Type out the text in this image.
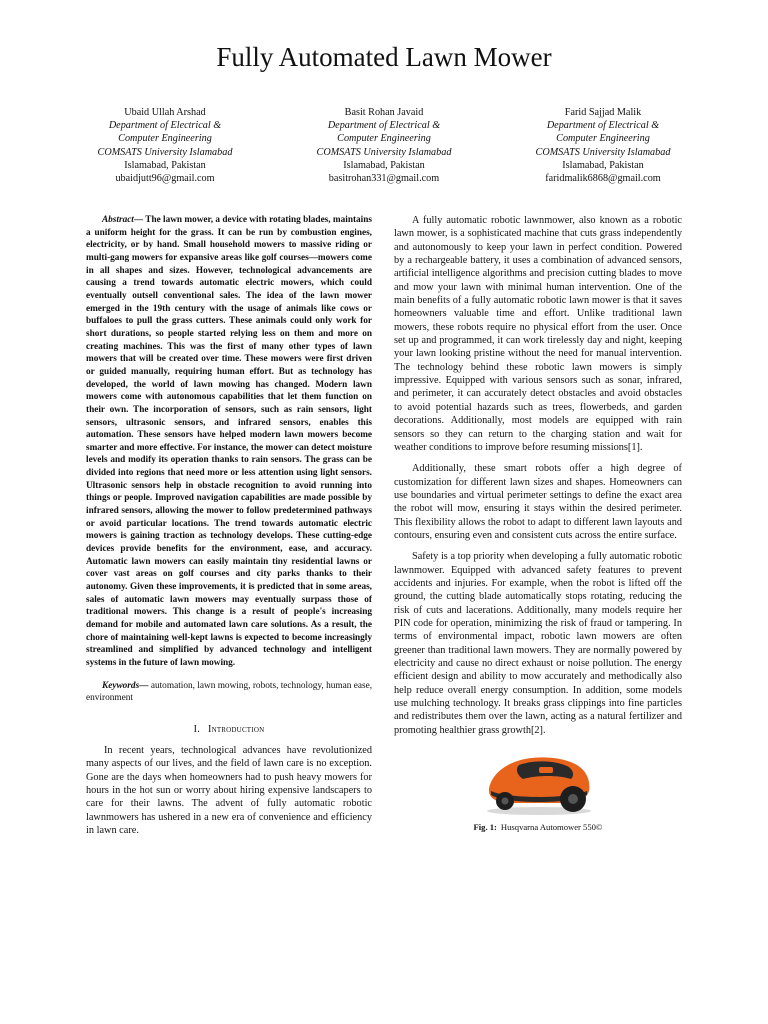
Fully Automated Lawn Mower
Ubaid Ullah Arshad
Department of Electrical &
Computer Engineering
COMSATS University Islamabad
Islamabad, Pakistan
ubaidjutt96@gmail.com
Basit Rohan Javaid
Department of Electrical &
Computer Engineering
COMSATS University Islamabad
Islamabad, Pakistan
basitrohan331@gmail.com
Farid Sajjad Malik
Department of Electrical &
Computer Engineering
COMSATS University Islamabad
Islamabad, Pakistan
faridmalik6868@gmail.com

Abstract— The lawn mower, a device with rotating blades, maintains a uniform height for the grass. It can be run by combustion engines, electricity, or by hand. Small household mowers to massive riding or multi-gang mowers for expansive areas like golf courses—mowers come in all shapes and sizes. However, technological advancements are causing a trend towards automatic electric mowers, which could eventually outsell conventional sales. The idea of the lawn mower emerged in the 19th century with the usage of animals like cows or buffaloes to pull the grass cutters. These animals could only work for short durations, so people started relying less on them and more on creating machines. This was the first of many other types of lawn mowers that will be created over time. These mowers were first driven or guided manually, requiring human effort. But as technology has developed, the world of lawn mowing has changed. Modern lawn mowers come with autonomous capabilities that let them function on their own. The incorporation of sensors, such as rain sensors, light sensors, ultrasonic sensors, and infrared sensors, enables this automation. These sensors have helped modern lawn mowers become smarter and more effective. For instance, the mower can detect moisture levels and modify its operation thanks to rain sensors. The grass can be divided into regions that need more or less attention using light sensors. Ultrasonic sensors help in obstacle recognition to avoid running into things or people. Improved navigation capabilities are made possible by infrared sensors, allowing the mower to follow predetermined pathways or avoid particular locations. The trend towards automatic electric mowers is gaining traction as technology develops. These cutting-edge devices provide benefits for the environment, ease, and accuracy. Automatic lawn mowers can easily maintain tiny residential lawns or cover vast areas on golf courses and city parks thanks to their autonomy. Given these improvements, it is predicted that in some areas, sales of automatic lawn mowers may eventually surpass those of traditional mowers. This change is a result of people's increasing demand for mobile and automated lawn care solutions. As a result, the chore of maintaining well-kept lawns is expected to become increasingly streamlined and simplified by advanced technology and intelligent systems in the future of lawn mowing.

Keywords— automation, lawn mowing, robots, technology, human ease, environment

I. Introduction

In recent years, technological advances have revolutionized many aspects of our lives, and the field of lawn care is no exception. Gone are the days when homeowners had to push heavy mowers for hours in the hot sun or worry about hiring expensive landscapers to care for their lawns. The advent of fully automatic robotic lawnmowers has ushered in a new era of convenience and efficiency in lawn care.

A fully automatic robotic lawnmower, also known as a robotic lawn mower, is a sophisticated machine that cuts grass independently and autonomously to keep your lawn in perfect condition. Powered by a rechargeable battery, it uses a combination of advanced sensors, artificial intelligence algorithms and precision cutting blades to move and mow your lawn with minimal human intervention. One of the main benefits of a fully automatic robotic lawn mower is that it saves homeowners valuable time and effort. Unlike traditional lawn mowers, these robots require no physical effort from the user. Once set up and programmed, it can work tirelessly day and night, keeping your lawn looking pristine without the need for manual intervention. The technology behind these robotic lawn mowers is simply impressive. Equipped with various sensors such as sonar, infrared, and perimeter, it can accurately detect obstacles and avoid obstacles to avoid potential hazards such as trees, flowerbeds, and garden decorations. Additionally, most models are equipped with rain sensors so they can return to the charging station and wait for weather conditions to improve before resuming missions[1].

Additionally, these smart robots offer a high degree of customization for different lawn sizes and shapes. Homeowners can use boundaries and virtual perimeter settings to define the exact area the robot will mow, ensuring it stays within the desired perimeter. This flexibility allows the robot to adapt to different lawn layouts and contours, ensuring even and consistent cuts across the entire surface.

Safety is a top priority when developing a fully automatic robotic lawnmower. Equipped with advanced safety features to prevent accidents and injuries. For example, when the robot is lifted off the ground, the cutting blade automatically stops rotating, reducing the risk of cuts and lacerations. Additionally, many models require her PIN code for operation, minimizing the risk of fraud or tampering. In terms of environmental impact, robotic lawn mowers are often greener than traditional lawn mowers. They are normally powered by electricity and cause no direct exhaust or noise pollution. The energy efficient design and ability to mow accurately and methodically also help reduce overall energy consumption. In addition, some models use mulching technology. It breaks grass clippings into fine particles and redistributes them over the lawn, acting as a natural fertilizer and promoting healthier grass growth[2].

Fig. 1: Husqvarna Automower 550©
